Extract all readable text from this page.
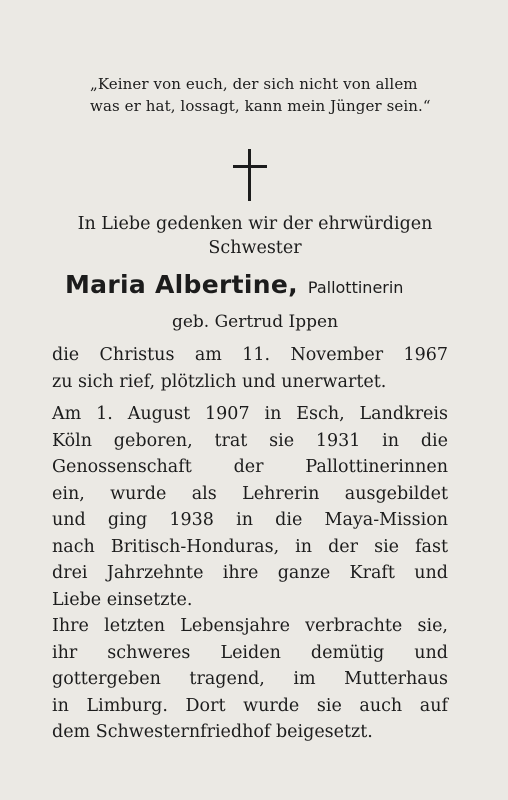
„Keiner von euch, der sich nicht von allem
was er hat, lossagt, kann mein Jünger sein.“
In Liebe gedenken wir der ehrwürdigen
Schwester
Maria Albertine, Pallottinerin
geb. Gertrud Ippen
die Christus am 11. November 1967
zu sich rief, plötzlich und unerwartet.
Am 1. August 1907 in Esch, Landkreis
Köln geboren, trat sie 1931 in die
Genossenschaft der Pallottinerinnen
ein, wurde als Lehrerin ausgebildet
und ging 1938 in die Maya-Mission
nach Britisch-Honduras, in der sie fast
drei Jahrzehnte ihre ganze Kraft und
Liebe einsetzte.
Ihre letzten Lebensjahre verbrachte sie,
ihr schweres Leiden demütig und
gottergeben tragend, im Mutterhaus
in Limburg. Dort wurde sie auch auf
dem Schwesternfriedhof beigesetzt.
